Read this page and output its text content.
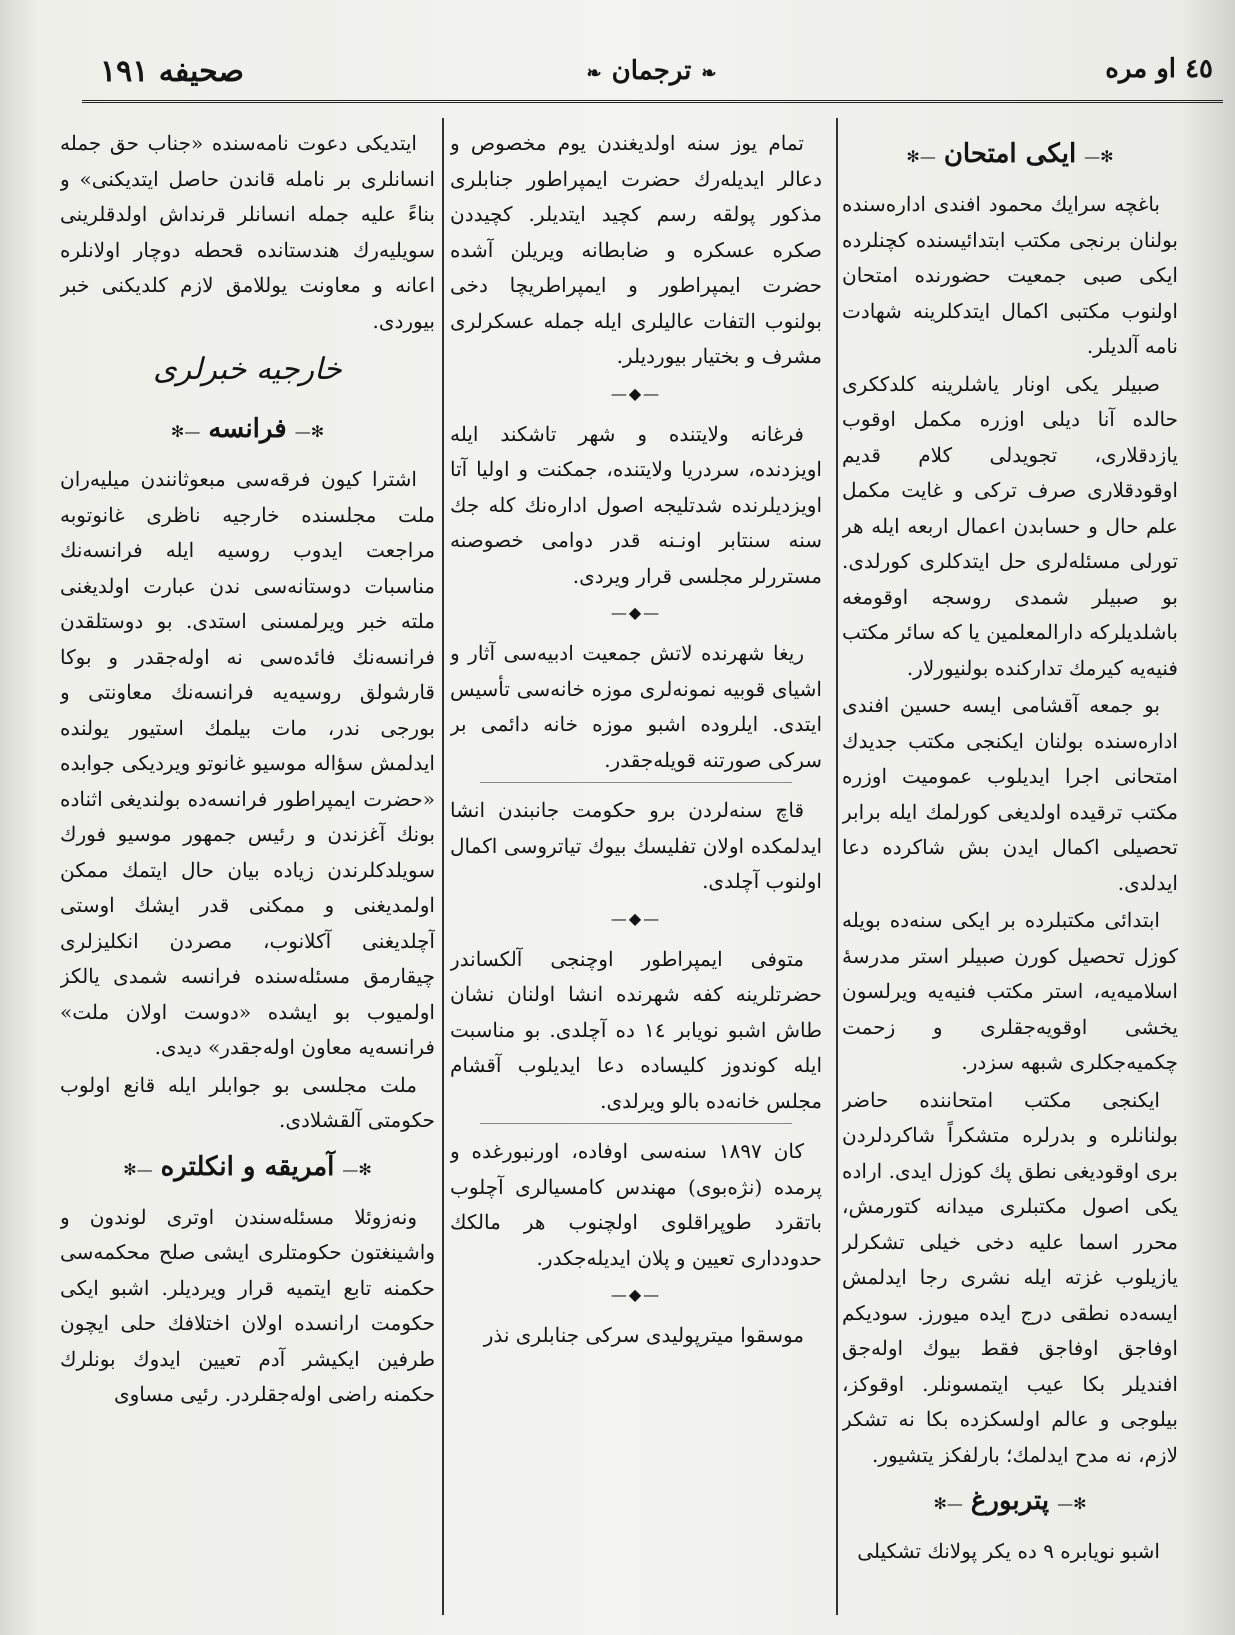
٤٥ او مره
❧ترجمان❧
صحيفه ١٩١
✻—ایکی امتحان—✻

باغچه سرایك محمود افندی اداره‌سنده بولنان برنجی مکتب ابتدائیسنده کچنلرده ایکی صبی جمعیت حضورنده امتحان اولنوب مکتبی اکمال ایتدکلرینه شهادت نامه آلدیلر.

صبیلر یکی اونار یاشلرینه کلدککری حالده آنا دیلی اوزره مکمل اوقوب یازدقلاری، تجویدلی کلام قدیم اوقودقلاری صرف ترکی و غایت مکمل علم حال و حسابدن اعمال اربعه ایله هر تورلی مسئله‌لری حل ایتدکلری کورلدی. بو صبیلر شمدی روسجه اوقومغه باشلدیلرکه دارالمعلمین یا که سائر مکتب فنیه‌یه کیرمك تدارکنده بولنیورلار.

بو جمعه آقشامی ایسه حسین افندی اداره‌سنده بولنان ایکنجی مکتب جدیدك امتحانی اجرا ایدیلوب عمومیت اوزره مکتب ترقیده اولدیغی کورلمك ایله برابر تحصیلی اکمال ایدن بش شاکرده دعا ایدلدی.

ابتدائی مکتبلرده بر ایکی سنه‌ده بویله کوزل تحصیل کورن صبیلر استر مدرسهٔ اسلامیه‌یه، استر مکتب فنیه‌یه ویرلسون یخشی اوقویه‌جقلری و زحمت چکمیه‌جکلری شبهه سزدر.

ایکنجی مکتب امتحاننده حاضر بولنانلره و بدرلره متشکراً شاکردلردن بری اوقودیغی نطق پك کوزل ایدی. اراده یکی اصول مکتبلری میدانه کتورمش، محرر اسما علیه دخی خیلی تشکرلر یازیلوب غزته ایله نشری رجا ایدلمش ایسه‌ده نطقی درج ایده میورز. سودیکم اوفاجق اوفاجق فقط بیوك اوله‌جق افندیلر بکا عیب ایتمسونلر. اوقوکز، بیلوجی و عالم اولسکزده بکا نه تشکر لازم، نه مدح ایدلمك؛ بارلفکز یتشیور.

✻—پتربورغ—✻

اشبو نویابره ٩ ده یکر پولانك تشکیلی

تمام یوز سنه اولدیغندن یوم مخصوص و دعالر ایدیله‌رك حضرت ایمپراطور جنابلری مذکور پولقه رسم کچید ایتدیلر. کچیددن صکره عسکره و ضابطانه ویریلن آشده حضرت ایمپراطور و ایمپراطریچا دخی بولنوب التفات عالیلری ایله جمله عسکرلری مشرف و بختیار بیوردیلر.

—◆—

فرغانه ولایتنده و شهر تاشکند ایله اویزدنده، سردریا ولایتنده، جمکنت و اولیا آتا اویزدیلرنده شدتلیجه اصول اداره‌نك کله جك سنه سنتابر اونـنه قدر دوامی خصوصنه مستررلر مجلسی قرار ویردی.

—◆—

ریغا شهرنده لاتش جمعیت ادبیه‌سی آثار و اشیای قوبیه نمونه‌لری موزه خانه‌سی تأسیس ایتدی. ایلروده اشبو موزه خانه دائمی بر سرکی صورتنه قویله‌جقدر.

قاچ سنه‌لردن برو حکومت جانبندن انشا ایدلمکده اولان تفلیسك بیوك تیاتروسی اکمال اولنوب آچلدی.

—◆—

متوفی ایمپراطور اوچنجی آلکساندر حضرتلرینه کفه شهرنده انشا اولنان نشان طاش اشبو نویابر ١٤ ده آچلدی. بو مناسبت ایله کوندوز کلیساده دعا ایدیلوب آقشام مجلس خانه‌ده بالو ویرلدی.

کان ١٨٩٧ سنه‌سی اوفاده، اورنبورغده و پرمده (نژه‌بوی) مهندس کامسیالری آچلوب باتقرد طوپراقلوی اولچنوب هر مالکك حدودداری تعیین و پلان ایدیله‌جکدر.

—◆—

موسقوا میترپولیدی سرکی جنابلری نذر

ایتدیکی دعوت نامه‌سنده «جناب حق جمله انسانلری بر نامله قاندن حاصل ایتدیکنی» و بناءً علیه جمله انسانلر قرنداش اولدقلرینی سویلیه‌رك هندستانده قحطه دوچار اولانلره اعانه و معاونت یوللامق لازم کلدیکنی خبر بیوردی.

خارجیه خبرلری
✻—فرانسه—✻

اشترا کیون فرقه‌سی مبعوثانندن میلیه‌ران ملت مجلسنده خارجیه ناظری غانوتوبه مراجعت ایدوب روسیه ایله فرانسه‌نك مناسبات دوستانه‌سی ندن عبارت اولدیغنی ملته خبر ویرلمسنی استدی. بو دوستلقدن فرانسه‌نك فائده‌سی نه اوله‌جقدر و بوکا قارشولق روسیه‌یه فرانسه‌نك معاونتی و بورجی ندر، مات بیلمك استیور یولنده ایدلمش سؤاله موسیو غانوتو ویردیکی جوابده «حضرت ایمپراطور فرانسه‌ده بولندیغی اثناده بونك آغزندن و رئیس جمهور موسیو فورك سویلدکلرندن زیاده بیان حال ایتمك ممکن اولمدیغنی و ممکنی قدر ایشك اوستی آچلدیغنی آکلانوب، مصردن انکلیزلری چیقارمق مسئله‌سنده فرانسه شمدی یالکز اولمیوب بو ایشده «دوست اولان ملت» فرانسه‌یه معاون اوله‌جقدر» دیدی.

ملت مجلسی بو جوابلر ایله قانع اولوب حکومتی آلقشلادی.

✻—آمریقه و انکلتره—✻

ونه‌زوئلا مسئله‌سندن اوتری لوندون و واشینغتون حکومتلری ایشی صلح محکمه‌سی حکمنه تابع ایتمیه قرار ویردیلر. اشبو ایکی حکومت ارانسده اولان اختلافك حلی ایچون طرفین ایکیشر آدم تعیین ایدوك بونلرك حکمنه راضی اوله‌جقلردر. رئیی مساوی
